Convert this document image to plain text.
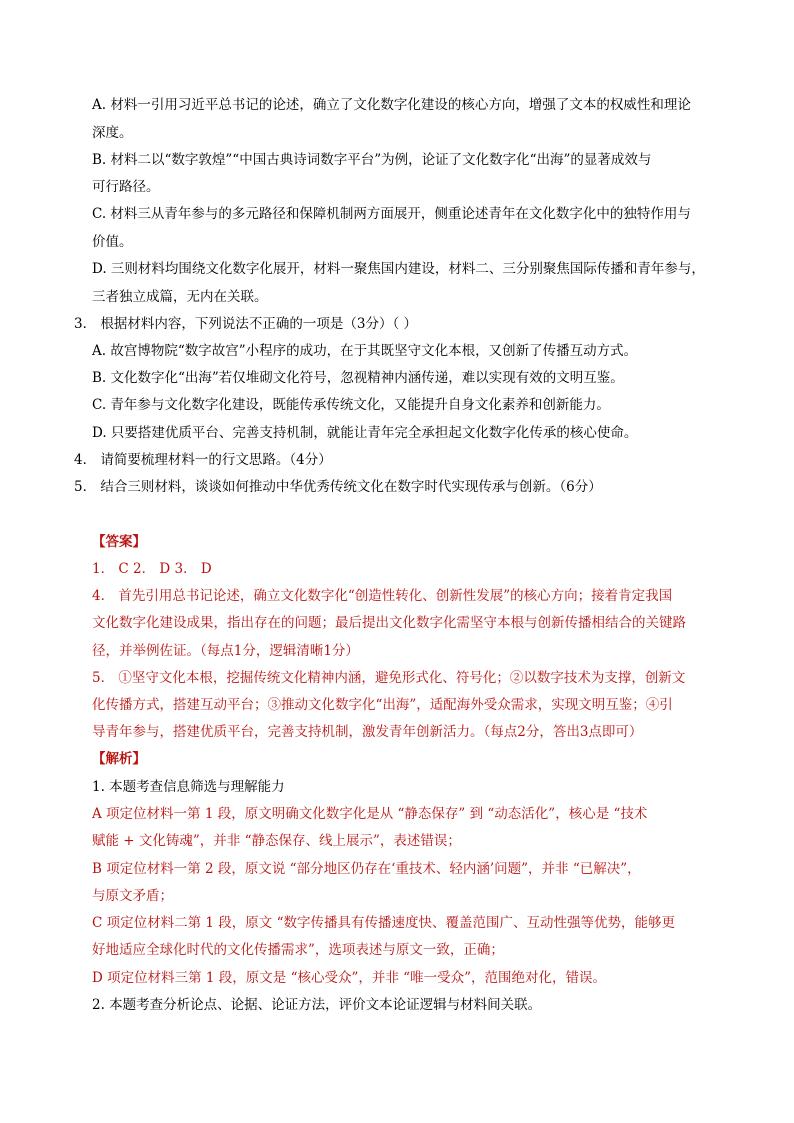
A. 材料一引用习近平总书记的论述，确立了文化数字化建设的核心方向，增强了文本的权威性和理论
深度。
B. 材料二以“数字敦煌”“中国古典诗词数字平台”为例，论证了文化数字化“出海”的显著成效与
可行路径。
C. 材料三从青年参与的多元路径和保障机制两方面展开，侧重论述青年在文化数字化中的独特作用与
价值。
D. 三则材料均围绕文化数字化展开，材料一聚焦国内建设，材料二、三分别聚焦国际传播和青年参与，
三者独立成篇，无内在关联。
3． 根据材料内容，下列说法不正确的一项是（3分）（ ）
A. 故宫博物院“数字故宫”小程序的成功，在于其既坚守文化本根，又创新了传播互动方式。
B. 文化数字化“出海”若仅堆砌文化符号，忽视精神内涵传递，难以实现有效的文明互鉴。
C. 青年参与文化数字化建设，既能传承传统文化，又能提升自身文化素养和创新能力。
D. 只要搭建优质平台、完善支持机制，就能让青年完全承担起文化数字化传承的核心使命。
4． 请简要梳理材料一的行文思路。（4分）
5． 结合三则材料，谈谈如何推动中华优秀传统文化在数字时代实现传承与创新。（6分）
【答案】
1． C 2． D 3． D
4． 首先引用总书记论述，确立文化数字化“创造性转化、创新性发展”的核心方向；接着肯定我国
文化数字化建设成果，指出存在的问题；最后提出文化数字化需坚守本根与创新传播相结合的关键路
径，并举例佐证。（每点1分，逻辑清晰1分）
5． ①坚守文化本根，挖掘传统文化精神内涵，避免形式化、符号化；②以数字技术为支撑，创新文
化传播方式，搭建互动平台；③推动文化数字化“出海”，适配海外受众需求，实现文明互鉴；④引
导青年参与，搭建优质平台，完善支持机制，激发青年创新活力。（每点2分，答出3点即可）
【解析】
1. 本题考查信息筛选与理解能力
A 项定位材料一第 1 段，原文明确文化数字化是从 “静态保存” 到 “动态活化”，核心是 “技术
赋能 + 文化铸魂”，并非 “静态保存、线上展示”，表述错误；
B 项定位材料一第 2 段，原文说 “部分地区仍存在‘重技术、轻内涵’问题”，并非 “已解决”，
与原文矛盾；
C 项定位材料二第 1 段，原文 “数字传播具有传播速度快、覆盖范围广、互动性强等优势，能够更
好地适应全球化时代的文化传播需求”，选项表述与原文一致，正确；
D 项定位材料三第 1 段，原文是 “核心受众”，并非 “唯一受众”，范围绝对化，错误。
2. 本题考查分析论点、论据、论证方法，评价文本论证逻辑与材料间关联。
